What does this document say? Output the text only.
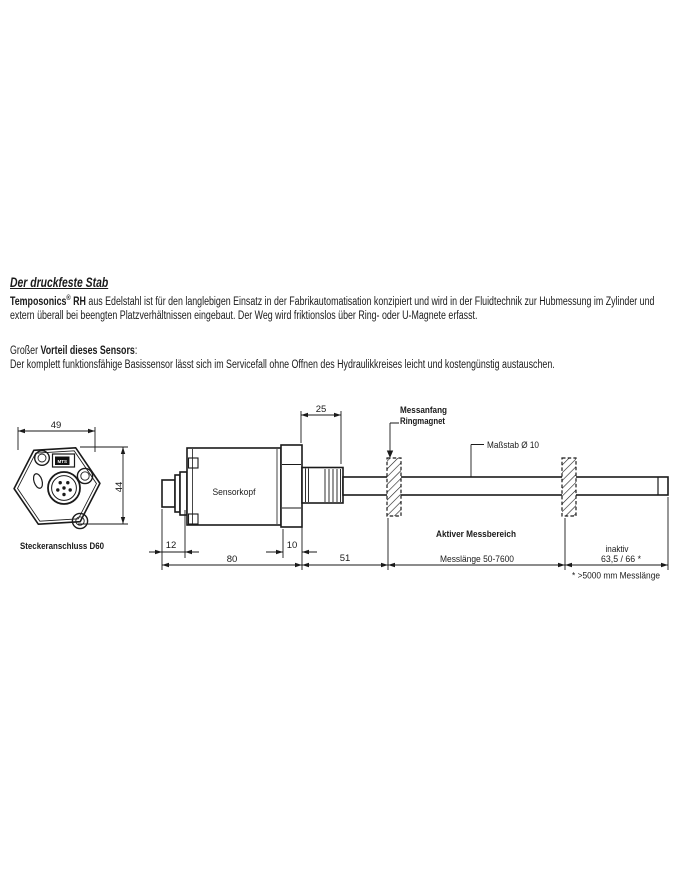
Der druckfeste Stab
Temposonics® RH aus Edelstahl ist für den langlebigen Einsatz in der Fabrikautomatisation konzipiert und wird in der Fluidtechnik zur Hubmessung im Zylinder und
extern überall bei beengten Platzverhältnissen eingebaut. Der Weg wird friktionslos über Ring- oder U-Magnete erfasst.
Großer Vorteil dieses Sensors:
Der komplett funktionsfähige Basissensor lässt sich im Servicefall ohne Öffnen des Hydraulikkreises leicht und kostengünstig austauschen.
49
44
MTS
Steckeranschluss D60
Sensorkopf
25	Messanfang
Ringmagnet
Maßstab Ø 10
Aktiver Messbereich
12	10
80	51	Messlänge 50-7600
inaktiv
63,5 / 66 *
* >5000 mm Messlänge
